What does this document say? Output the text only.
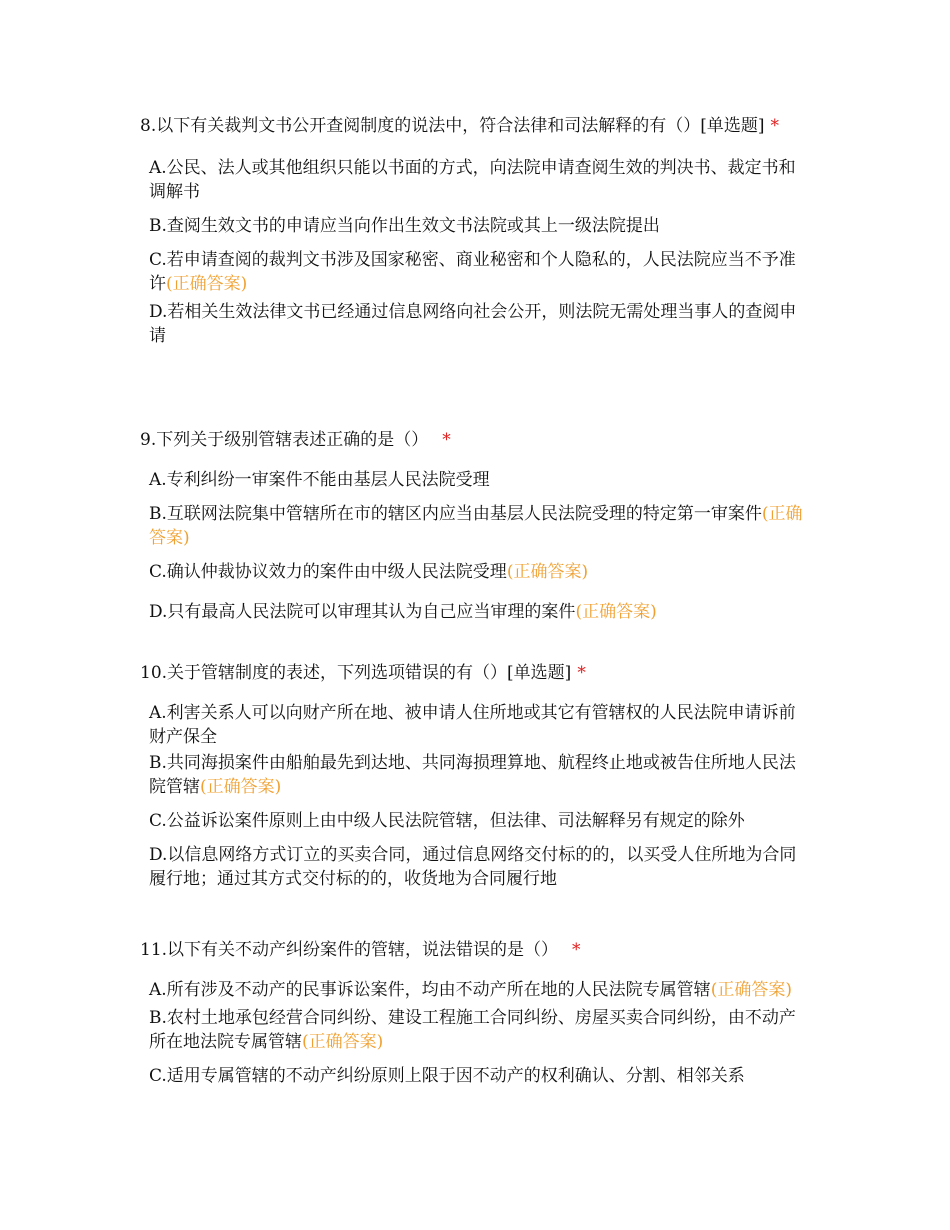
8.以下有关裁判文书公开查阅制度的说法中，符合法律和司法解释的有（）[单选题] *
A.公民、法人或其他组织只能以书面的方式，向法院申请查阅生效的判决书、裁定书和调解书
B.查阅生效文书的申请应当向作出生效文书法院或其上一级法院提出
C.若申请查阅的裁判文书涉及国家秘密、商业秘密和个人隐私的，人民法院应当不予准许(正确答案)
D.若相关生效法律文书已经通过信息网络向社会公开，则法院无需处理当事人的查阅申请
9.下列关于级别管辖表述正确的是（） *
A.专利纠纷一审案件不能由基层人民法院受理
B.互联网法院集中管辖所在市的辖区内应当由基层人民法院受理的特定第一审案件(正确答案)
C.确认仲裁协议效力的案件由中级人民法院受理(正确答案)
D.只有最高人民法院可以审理其认为自己应当审理的案件(正确答案)
10.关于管辖制度的表述，下列选项错误的有（）[单选题] *
A.利害关系人可以向财产所在地、被申请人住所地或其它有管辖权的人民法院申请诉前财产保全
B.共同海损案件由船舶最先到达地、共同海损理算地、航程终止地或被告住所地人民法院管辖(正确答案)
C.公益诉讼案件原则上由中级人民法院管辖，但法律、司法解释另有规定的除外
D.以信息网络方式订立的买卖合同，通过信息网络交付标的的，以买受人住所地为合同履行地；通过其方式交付标的的，收货地为合同履行地
11.以下有关不动产纠纷案件的管辖，说法错误的是（） *
A.所有涉及不动产的民事诉讼案件，均由不动产所在地的人民法院专属管辖(正确答案)
B.农村土地承包经营合同纠纷、建设工程施工合同纠纷、房屋买卖合同纠纷，由不动产所在地法院专属管辖(正确答案)
C.适用专属管辖的不动产纠纷原则上限于因不动产的权利确认、分割、相邻关系
